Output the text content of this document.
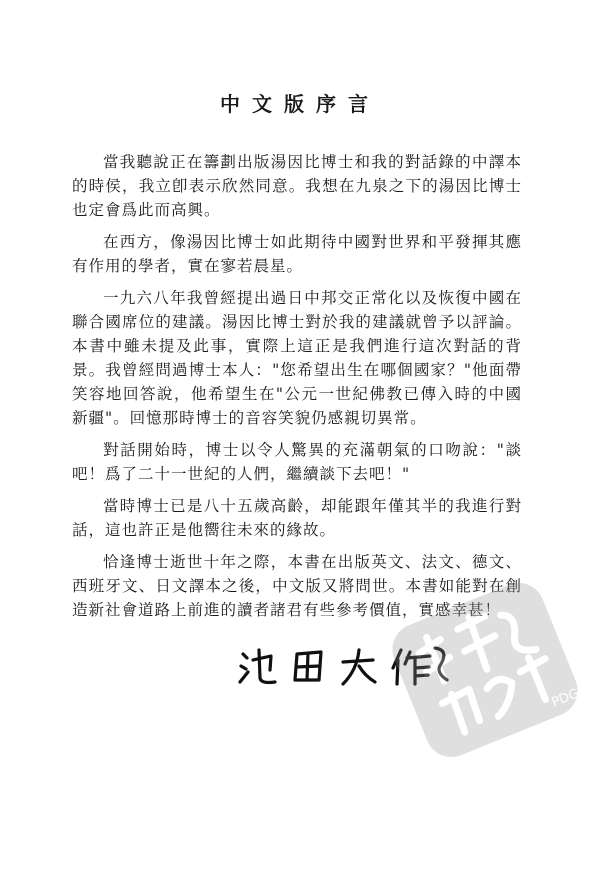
中文版序言

當我聽說正在籌劃出版湯因比博士和我的對話錄的中譯本的時侯，我立卽表示欣然同意。我想在九泉之下的湯因比博士也定會爲此而高興。

在西方，像湯因比博士如此期待中國對世界和平發揮其應有作用的學者，實在寥若晨星。

一九六八年我曾經提出過日中邦交正常化以及恢復中國在聯合國席位的建議。湯因比博士對於我的建議就曾予以評論。本書中雖未提及此事，實際上這正是我們進行這次對話的背景。我曾經問過博士本人："您希望出生在哪個國家？"他面帶笑容地回答說，他希望生在"公元一世紀佛教已傳入時的中國新疆"。回憶那時博士的音容笑貌仍感親切異常。

對話開始時，博士以令人驚異的充滿朝氣的口吻說："談吧！爲了二十一世紀的人們，繼續談下去吧！"

當時博士已是八十五歲高齡，却能跟年僅其半的我進行對話，這也許正是他嚮往未來的緣故。

恰逢博士逝世十年之際，本書在出版英文、法文、德文、西班牙文、日文譯本之後，中文版又將問世。本書如能對在創造新社會道路上前進的讀者諸君有些參考價值，實感幸甚！

PDG
